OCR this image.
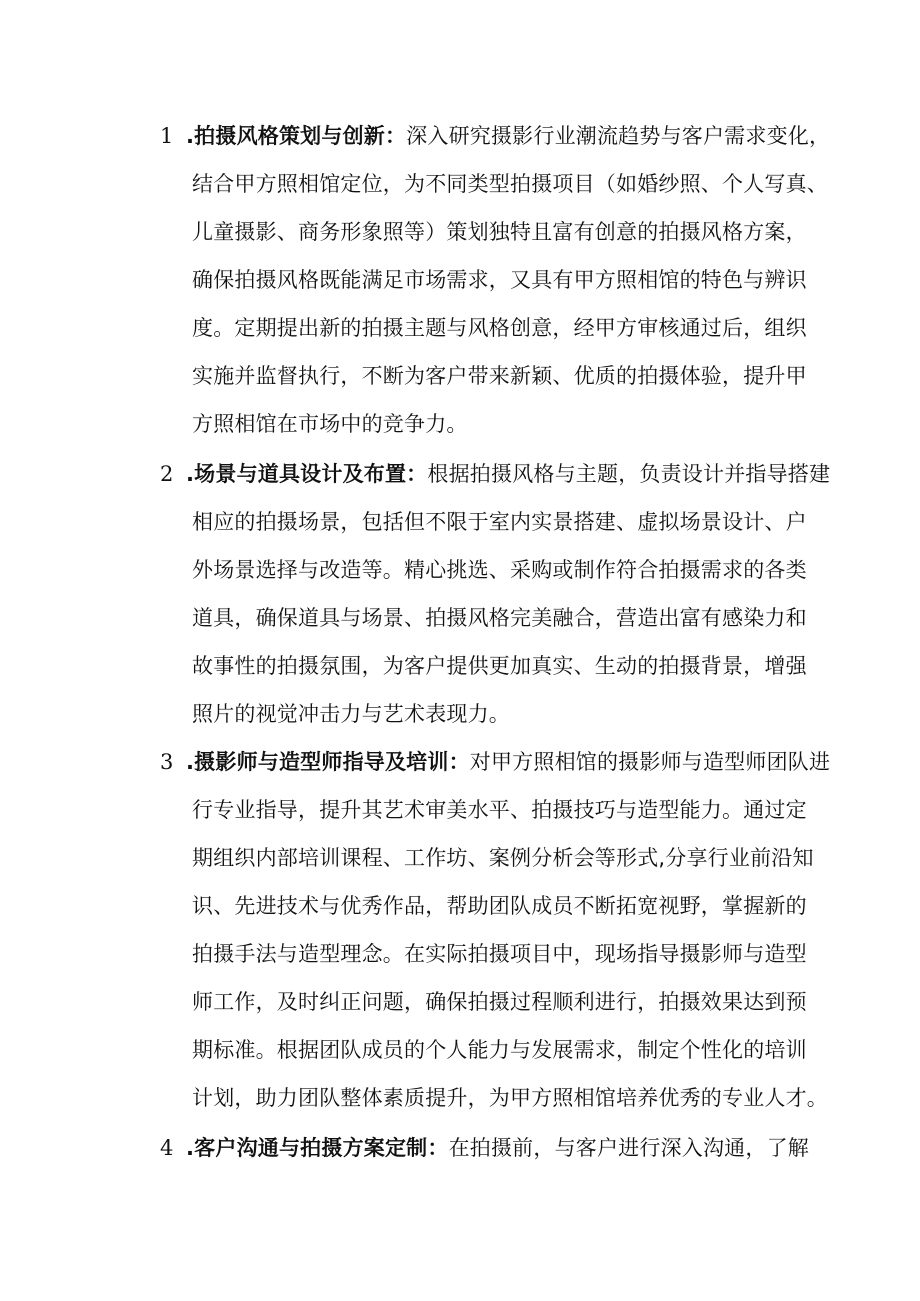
1 .拍摄风格策划与创新：深入研究摄影行业潮流趋势与客户需求变化，
结合甲方照相馆定位，为不同类型拍摄项目（如婚纱照、个人写真、
儿童摄影、商务形象照等）策划独特且富有创意的拍摄风格方案，
确保拍摄风格既能满足市场需求，又具有甲方照相馆的特色与辨识
度。定期提出新的拍摄主题与风格创意，经甲方审核通过后，组织
实施并监督执行，不断为客户带来新颖、优质的拍摄体验，提升甲
方照相馆在市场中的竞争力。
2 .场景与道具设计及布置：根据拍摄风格与主题，负责设计并指导搭建
相应的拍摄场景，包括但不限于室内实景搭建、虚拟场景设计、户
外场景选择与改造等。精心挑选、采购或制作符合拍摄需求的各类
道具，确保道具与场景、拍摄风格完美融合，营造出富有感染力和
故事性的拍摄氛围，为客户提供更加真实、生动的拍摄背景，增强
照片的视觉冲击力与艺术表现力。
3 .摄影师与造型师指导及培训：对甲方照相馆的摄影师与造型师团队进
行专业指导，提升其艺术审美水平、拍摄技巧与造型能力。通过定
期组织内部培训课程、工作坊、案例分析会等形式,分享行业前沿知
识、先进技术与优秀作品，帮助团队成员不断拓宽视野，掌握新的
拍摄手法与造型理念。在实际拍摄项目中，现场指导摄影师与造型
师工作，及时纠正问题，确保拍摄过程顺利进行，拍摄效果达到预
期标准。根据团队成员的个人能力与发展需求，制定个性化的培训
计划，助力团队整体素质提升，为甲方照相馆培养优秀的专业人才。
4 .客户沟通与拍摄方案定制：在拍摄前，与客户进行深入沟通，了解
